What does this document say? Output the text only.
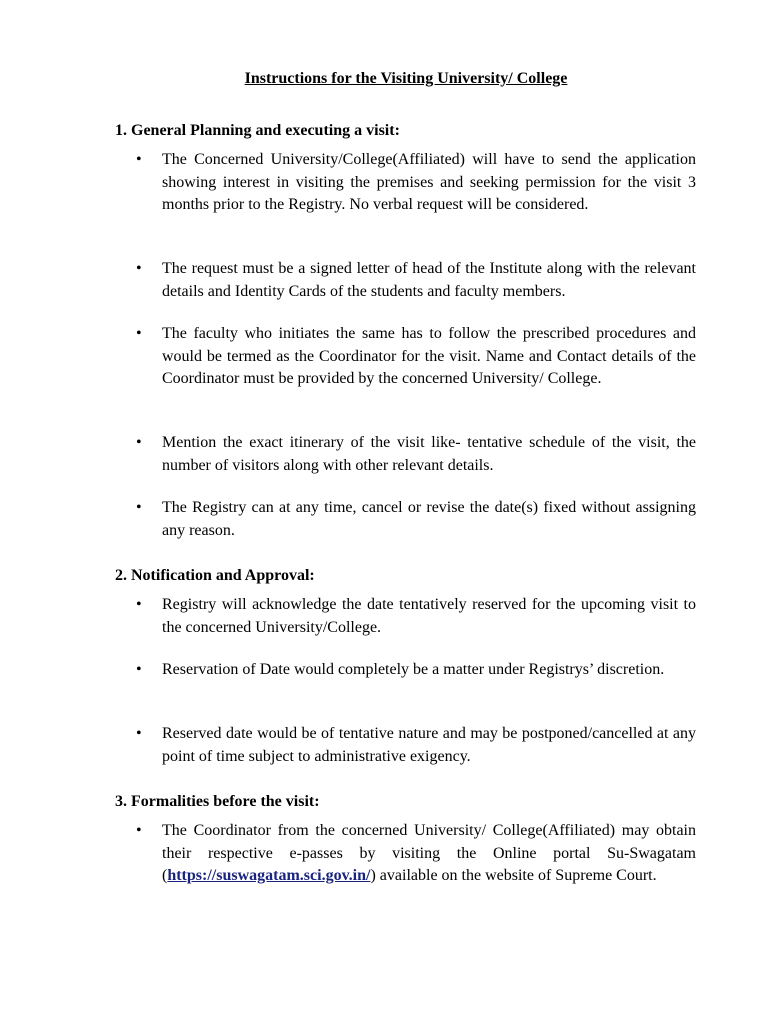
Instructions for the Visiting University/ College
1. General Planning and executing a visit:
• The Concerned University/College(Affiliated) will have to send the application showing interest in visiting the premises and seeking permission for the visit 3 months prior to the Registry. No verbal request will be considered.
• The request must be a signed letter of head of the Institute along with the relevant details and Identity Cards of the students and faculty members.
• The faculty who initiates the same has to follow the prescribed procedures and would be termed as the Coordinator for the visit. Name and Contact details of the Coordinator must be provided by the concerned University/ College.
• Mention the exact itinerary of the visit like- tentative schedule of the visit, the number of visitors along with other relevant details.
• The Registry can at any time, cancel or revise the date(s) fixed without assigning any reason.
2. Notification and Approval:
• Registry will acknowledge the date tentatively reserved for the upcoming visit to the concerned University/College.
• Reservation of Date would completely be a matter under Registrys’ discretion.
• Reserved date would be of tentative nature and may be postponed/cancelled at any point of time subject to administrative exigency.
3. Formalities before the visit:
• The Coordinator from the concerned University/ College(Affiliated) may obtain their respective e-passes by visiting the Online portal Su-Swagatam (https://suswagatam.sci.gov.in/) available on the website of Supreme Court.
